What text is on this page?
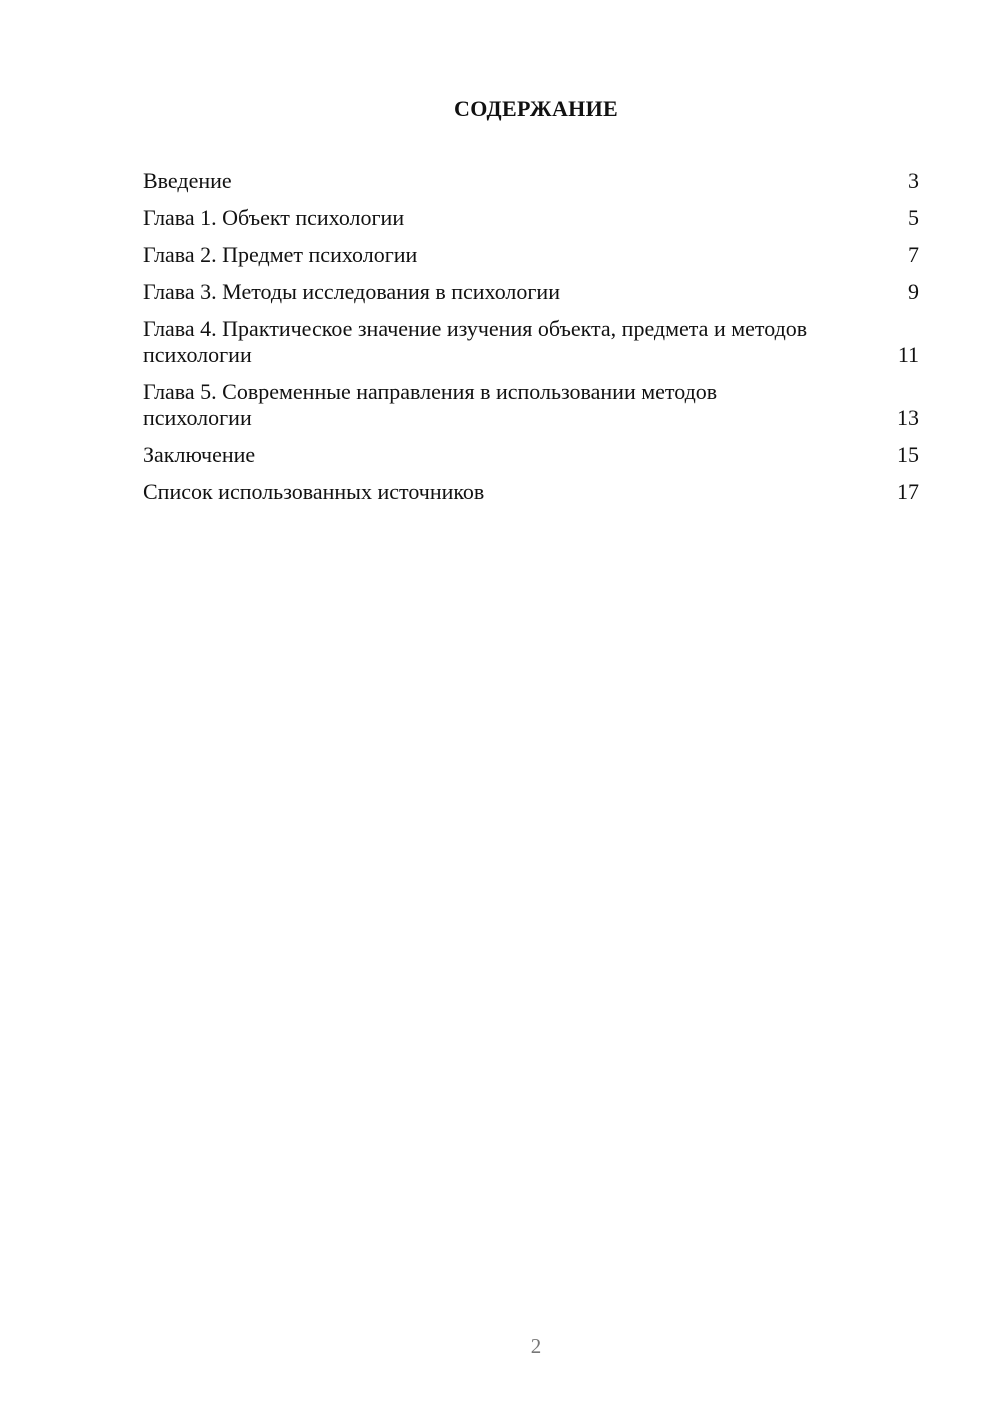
СОДЕРЖАНИЕ
Введение	3
Глава 1. Объект психологии	5
Глава 2. Предмет психологии	7
Глава 3. Методы исследования в психологии	9
Глава 4. Практическое значение изучения объекта, предмета и методов психологии	11
Глава 5. Современные направления в использовании методов психологии	13
Заключение	15
Список использованных источников	17
2
